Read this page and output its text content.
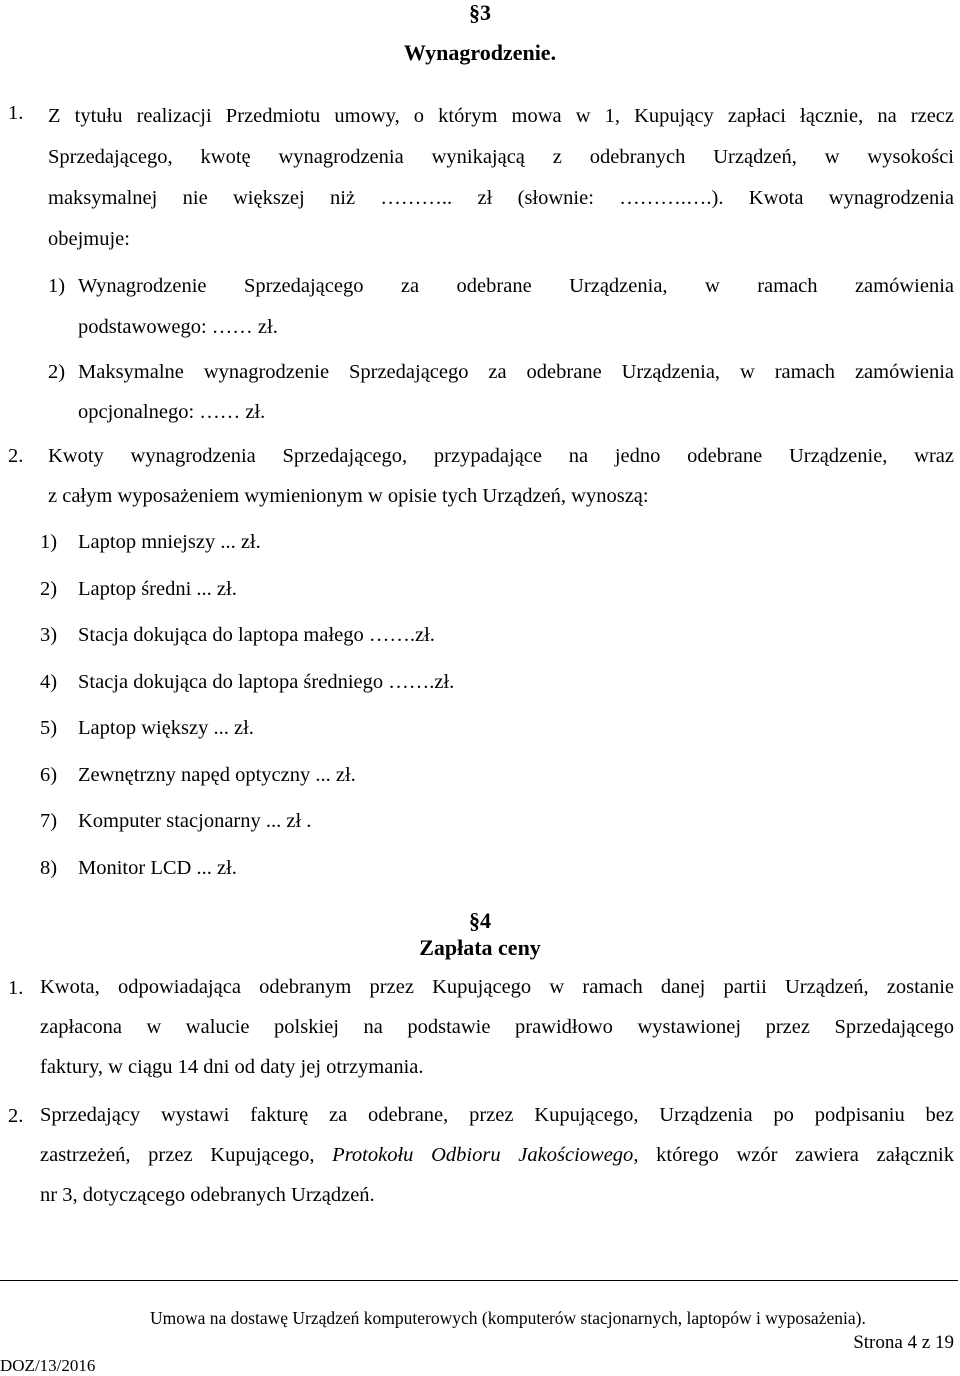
§3
Wynagrodzenie.
1. Z tytułu realizacji Przedmiotu umowy, o którym mowa w 1, Kupujący zapłaci łącznie, na rzecz
Sprzedającego, kwotę wynagrodzenia wynikającą z odebranych Urządzeń, w wysokości
maksymalnej nie większej niż ……….. zł (słownie: ……….….). Kwota wynagrodzenia
obejmuje:
1) Wynagrodzenie Sprzedającego za odebrane Urządzenia, w ramach zamówienia
podstawowego: …… zł.
2) Maksymalne wynagrodzenie Sprzedającego za odebrane Urządzenia, w ramach zamówienia
opcjonalnego: …… zł.
2. Kwoty wynagrodzenia Sprzedającego, przypadające na jedno odebrane Urządzenie, wraz
z całym wyposażeniem wymienionym w opisie tych Urządzeń, wynoszą:
1) Laptop mniejszy ... zł.
2) Laptop średni ... zł.
3) Stacja dokująca do laptopa małego …….zł.
4) Stacja dokująca do laptopa średniego …….zł.
5) Laptop większy ... zł.
6) Zewnętrzny napęd optyczny ... zł.
7) Komputer stacjonarny ... zł .
8) Monitor LCD ... zł.
§4
Zapłata ceny
1. Kwota, odpowiadająca odebranym przez Kupującego w ramach danej partii Urządzeń, zostanie
zapłacona w walucie polskiej na podstawie prawidłowo wystawionej przez Sprzedającego
faktury, w ciągu 14 dni od daty jej otrzymania.
2. Sprzedający wystawi fakturę za odebrane, przez Kupującego, Urządzenia po podpisaniu bez
zastrzeżeń, przez Kupującego, Protokołu Odbioru Jakościowego, którego wzór zawiera załącznik
nr 3, dotyczącego odebranych Urządzeń.
Umowa na dostawę Urządzeń komputerowych (komputerów stacjonarnych, laptopów i wyposażenia).
Strona 4 z 19
DOZ/13/2016
